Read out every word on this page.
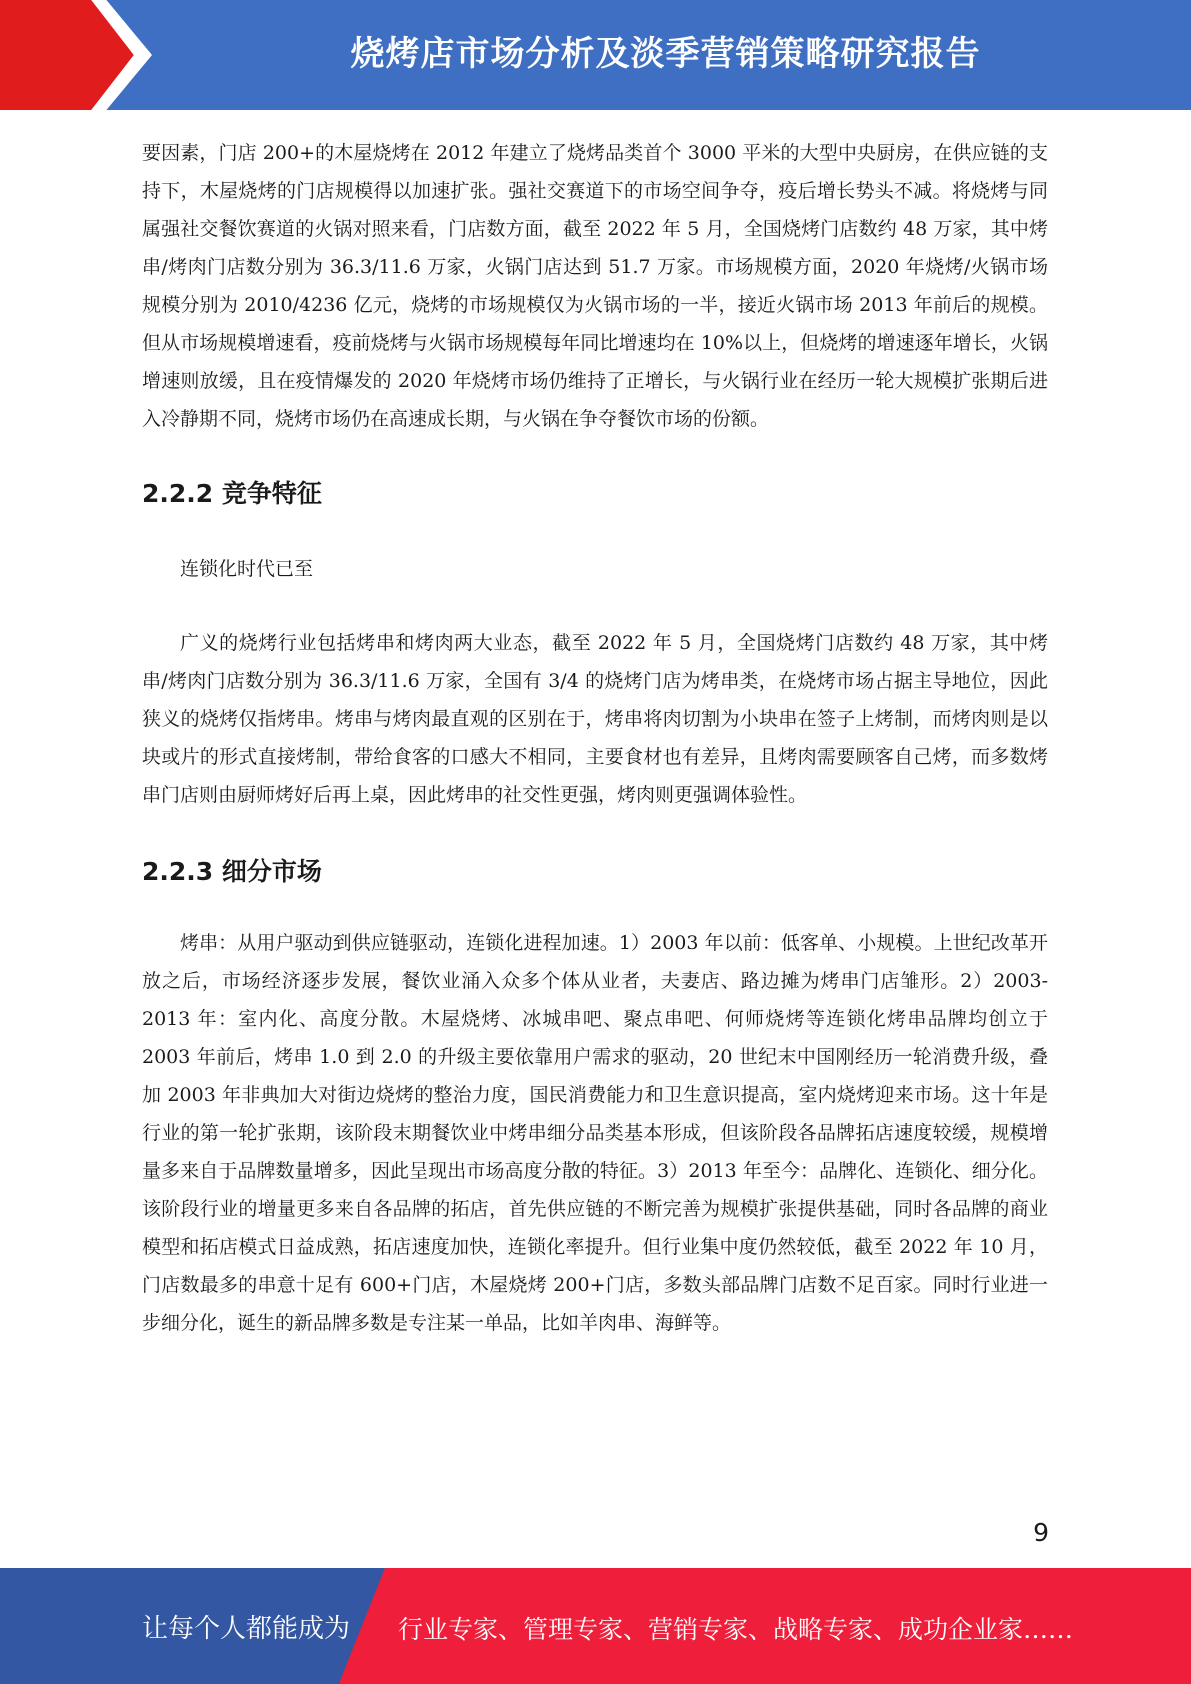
烧烤店市场分析及淡季营销策略研究报告

要因素，门店 200+的木屋烧烤在 2012 年建立了烧烤品类首个 3000 平米的大型中央厨房，在供应链的支持下，木屋烧烤的门店规模得以加速扩张。强社交赛道下的市场空间争夺，疫后增长势头不减。将烧烤与同属强社交餐饮赛道的火锅对照来看，门店数方面，截至 2022 年 5 月，全国烧烤门店数约 48 万家，其中烤串/烤肉门店数分别为 36.3/11.6 万家，火锅门店达到 51.7 万家。市场规模方面，2020 年烧烤/火锅市场规模分别为 2010/4236 亿元，烧烤的市场规模仅为火锅市场的一半，接近火锅市场 2013 年前后的规模。但从市场规模增速看，疫前烧烤与火锅市场规模每年同比增速均在 10%以上，但烧烤的增速逐年增长，火锅增速则放缓，且在疫情爆发的 2020 年烧烤市场仍维持了正增长，与火锅行业在经历一轮大规模扩张期后进入冷静期不同，烧烤市场仍在高速成长期，与火锅在争夺餐饮市场的份额。

2.2.2 竞争特征

连锁化时代已至

广义的烧烤行业包括烤串和烤肉两大业态，截至 2022 年 5 月，全国烧烤门店数约 48 万家，其中烤串/烤肉门店数分别为 36.3/11.6 万家，全国有 3/4 的烧烤门店为烤串类，在烧烤市场占据主导地位，因此狭义的烧烤仅指烤串。烤串与烤肉最直观的区别在于，烤串将肉切割为小块串在签子上烤制，而烤肉则是以块或片的形式直接烤制，带给食客的口感大不相同，主要食材也有差异，且烤肉需要顾客自己烤，而多数烤串门店则由厨师烤好后再上桌，因此烤串的社交性更强，烤肉则更强调体验性。

2.2.3 细分市场

烤串：从用户驱动到供应链驱动，连锁化进程加速。1）2003 年以前：低客单、小规模。上世纪改革开放之后，市场经济逐步发展，餐饮业涌入众多个体从业者，夫妻店、路边摊为烤串门店雏形。2）2003-2013 年：室内化、高度分散。木屋烧烤、冰城串吧、聚点串吧、何师烧烤等连锁化烤串品牌均创立于 2003 年前后，烤串 1.0 到 2.0 的升级主要依靠用户需求的驱动，20 世纪末中国刚经历一轮消费升级，叠加 2003 年非典加大对街边烧烤的整治力度，国民消费能力和卫生意识提高，室内烧烤迎来市场。这十年是行业的第一轮扩张期，该阶段末期餐饮业中烤串细分品类基本形成，但该阶段各品牌拓店速度较缓，规模增量多来自于品牌数量增多，因此呈现出市场高度分散的特征。3）2013 年至今：品牌化、连锁化、细分化。该阶段行业的增量更多来自各品牌的拓店，首先供应链的不断完善为规模扩张提供基础，同时各品牌的商业模型和拓店模式日益成熟，拓店速度加快，连锁化率提升。但行业集中度仍然较低，截至 2022 年 10 月，门店数最多的串意十足有 600+门店，木屋烧烤 200+门店，多数头部品牌门店数不足百家。同时行业进一步细分化，诞生的新品牌多数是专注某一单品，比如羊肉串、海鲜等。

9
让每个人都能成为 行业专家、管理专家、营销专家、战略专家、成功企业家……
